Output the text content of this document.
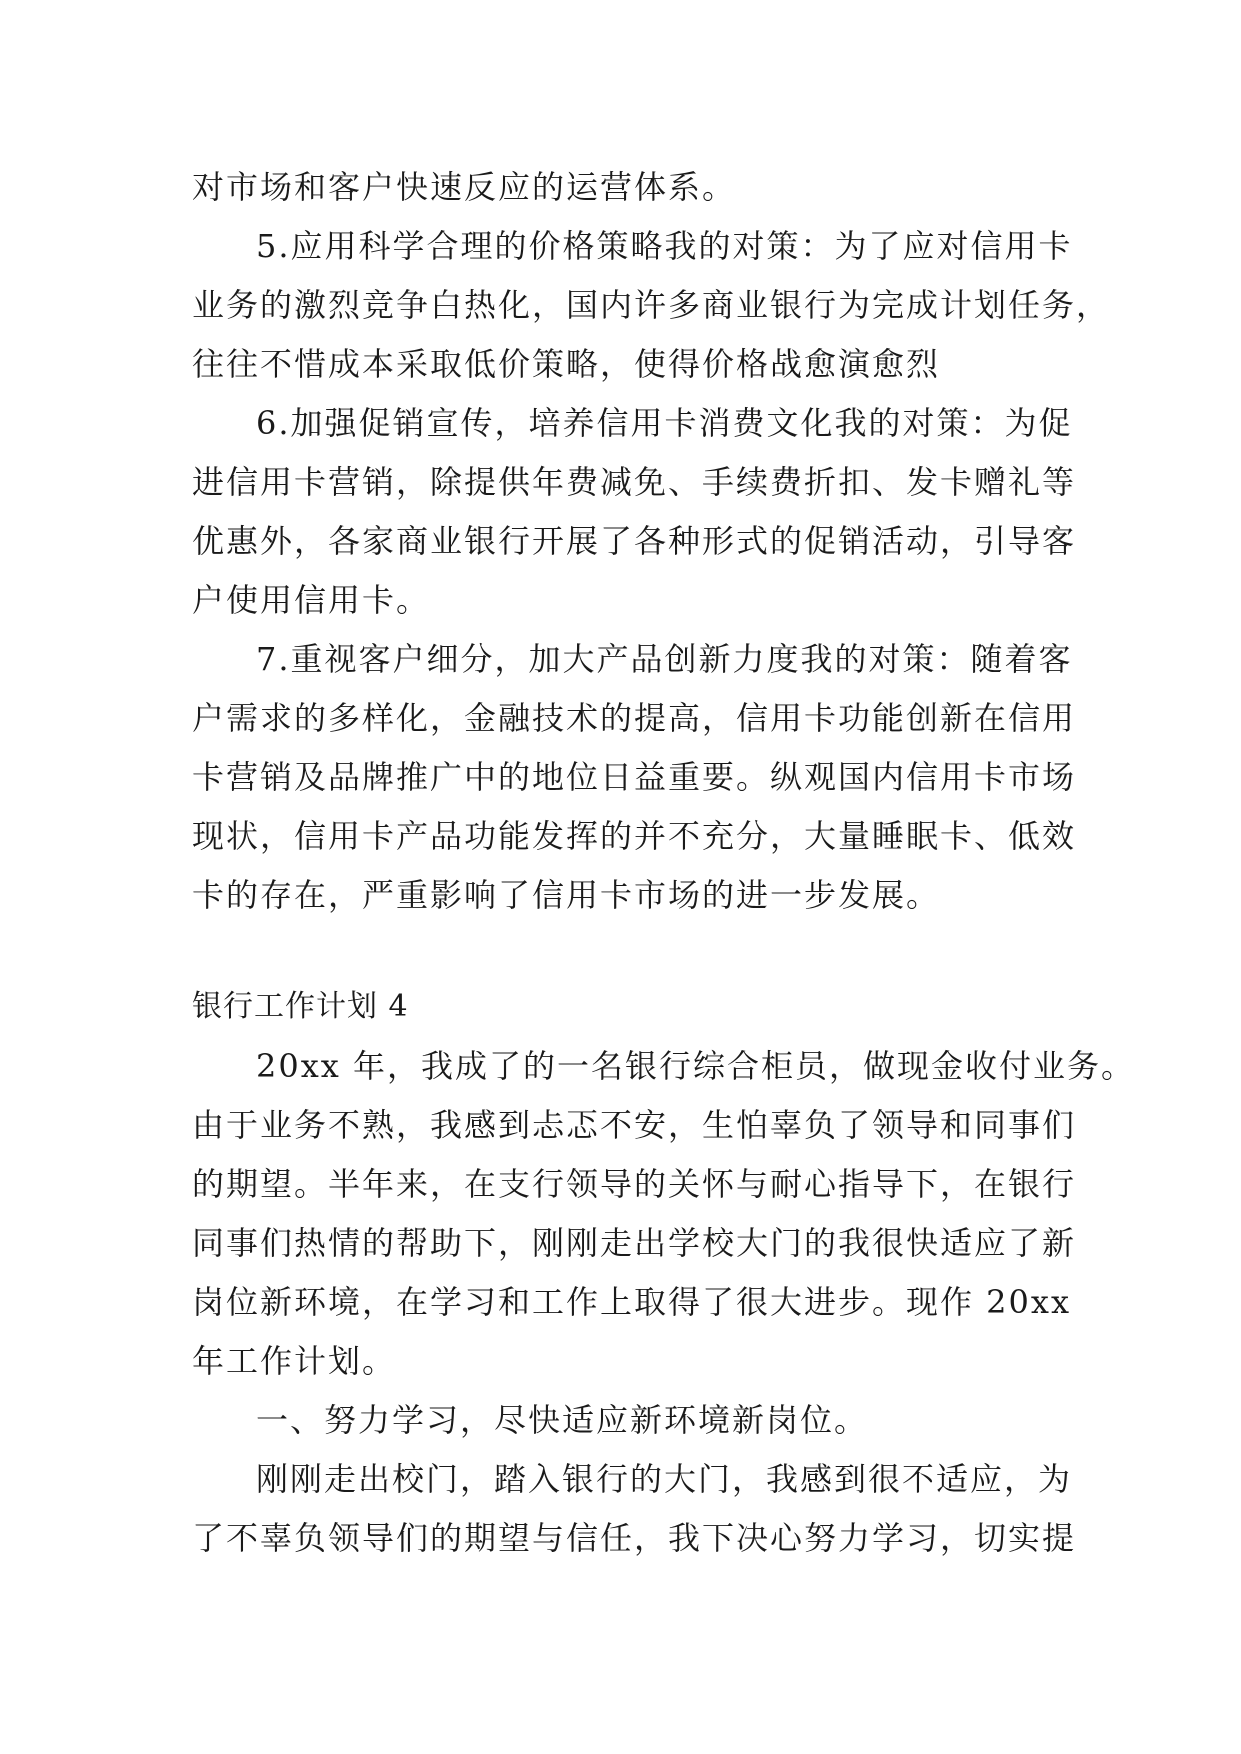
对市场和客户快速反应的运营体系。
5.应用科学合理的价格策略我的对策：为了应对信用卡
业务的激烈竞争白热化，国内许多商业银行为完成计划任务，
往往不惜成本采取低价策略，使得价格战愈演愈烈
6.加强促销宣传，培养信用卡消费文化我的对策：为促
进信用卡营销，除提供年费减免、手续费折扣、发卡赠礼等
优惠外，各家商业银行开展了各种形式的促销活动，引导客
户使用信用卡。
7.重视客户细分，加大产品创新力度我的对策：随着客
户需求的多样化，金融技术的提高，信用卡功能创新在信用
卡营销及品牌推广中的地位日益重要。纵观国内信用卡市场
现状，信用卡产品功能发挥的并不充分，大量睡眠卡、低效
卡的存在，严重影响了信用卡市场的进一步发展。
银行工作计划 4
20xx 年，我成了的一名银行综合柜员，做现金收付业务。
由于业务不熟，我感到忐忑不安，生怕辜负了领导和同事们
的期望。半年来，在支行领导的关怀与耐心指导下，在银行
同事们热情的帮助下，刚刚走出学校大门的我很快适应了新
岗位新环境，在学习和工作上取得了很大进步。现作 20xx
年工作计划。
一、努力学习，尽快适应新环境新岗位。
刚刚走出校门，踏入银行的大门，我感到很不适应，为
了不辜负领导们的期望与信任，我下决心努力学习，切实提
